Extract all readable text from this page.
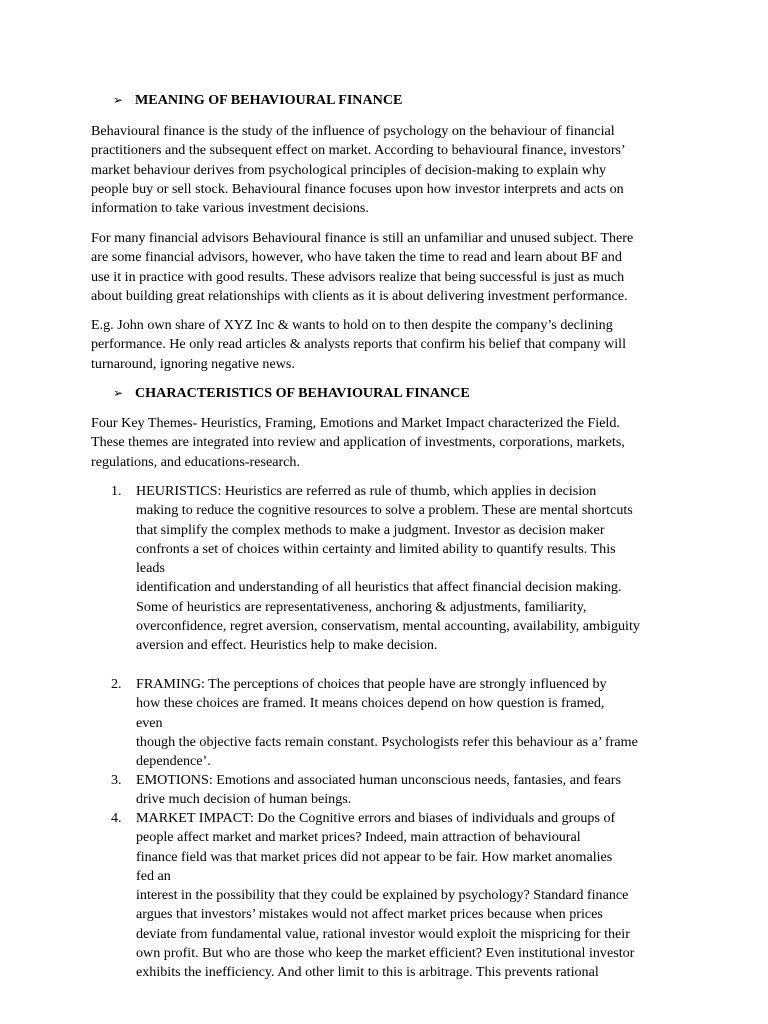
➢ MEANING OF BEHAVIOURAL FINANCE
Behavioural finance is the study of the influence of psychology on the behaviour of financial
practitioners and the subsequent effect on market. According to behavioural finance, investors’
market behaviour derives from psychological principles of decision-making to explain why
people buy or sell stock. Behavioural finance focuses upon how investor interprets and acts on
information to take various investment decisions.
For many financial advisors Behavioural finance is still an unfamiliar and unused subject. There
are some financial advisors, however, who have taken the time to read and learn about BF and
use it in practice with good results. These advisors realize that being successful is just as much
about building great relationships with clients as it is about delivering investment performance.
E.g. John own share of XYZ Inc & wants to hold on to then despite the company’s declining
performance. He only read articles & analysts reports that confirm his belief that company will
turnaround, ignoring negative news.
➢ CHARACTERISTICS OF BEHAVIOURAL FINANCE
Four Key Themes- Heuristics, Framing, Emotions and Market Impact characterized the Field.
These themes are integrated into review and application of investments, corporations, markets,
regulations, and educations-research.
1. HEURISTICS: Heuristics are referred as rule of thumb, which applies in decision
making to reduce the cognitive resources to solve a problem. These are mental shortcuts
that simplify the complex methods to make a judgment. Investor as decision maker
confronts a set of choices within certainty and limited ability to quantify results. This
leads
identification and understanding of all heuristics that affect financial decision making.
Some of heuristics are representativeness, anchoring & adjustments, familiarity,
overconfidence, regret aversion, conservatism, mental accounting, availability, ambiguity
aversion and effect. Heuristics help to make decision.
2. FRAMING: The perceptions of choices that people have are strongly influenced by
how these choices are framed. It means choices depend on how question is framed,
even
though the objective facts remain constant. Psychologists refer this behaviour as a’ frame
dependence’.
3. EMOTIONS: Emotions and associated human unconscious needs, fantasies, and fears
drive much decision of human beings.
4. MARKET IMPACT: Do the Cognitive errors and biases of individuals and groups of
people affect market and market prices? Indeed, main attraction of behavioural
finance field was that market prices did not appear to be fair. How market anomalies
fed an
interest in the possibility that they could be explained by psychology? Standard finance
argues that investors’ mistakes would not affect market prices because when prices
deviate from fundamental value, rational investor would exploit the mispricing for their
own profit. But who are those who keep the market efficient? Even institutional investor
exhibits the inefficiency. And other limit to this is arbitrage. This prevents rational
